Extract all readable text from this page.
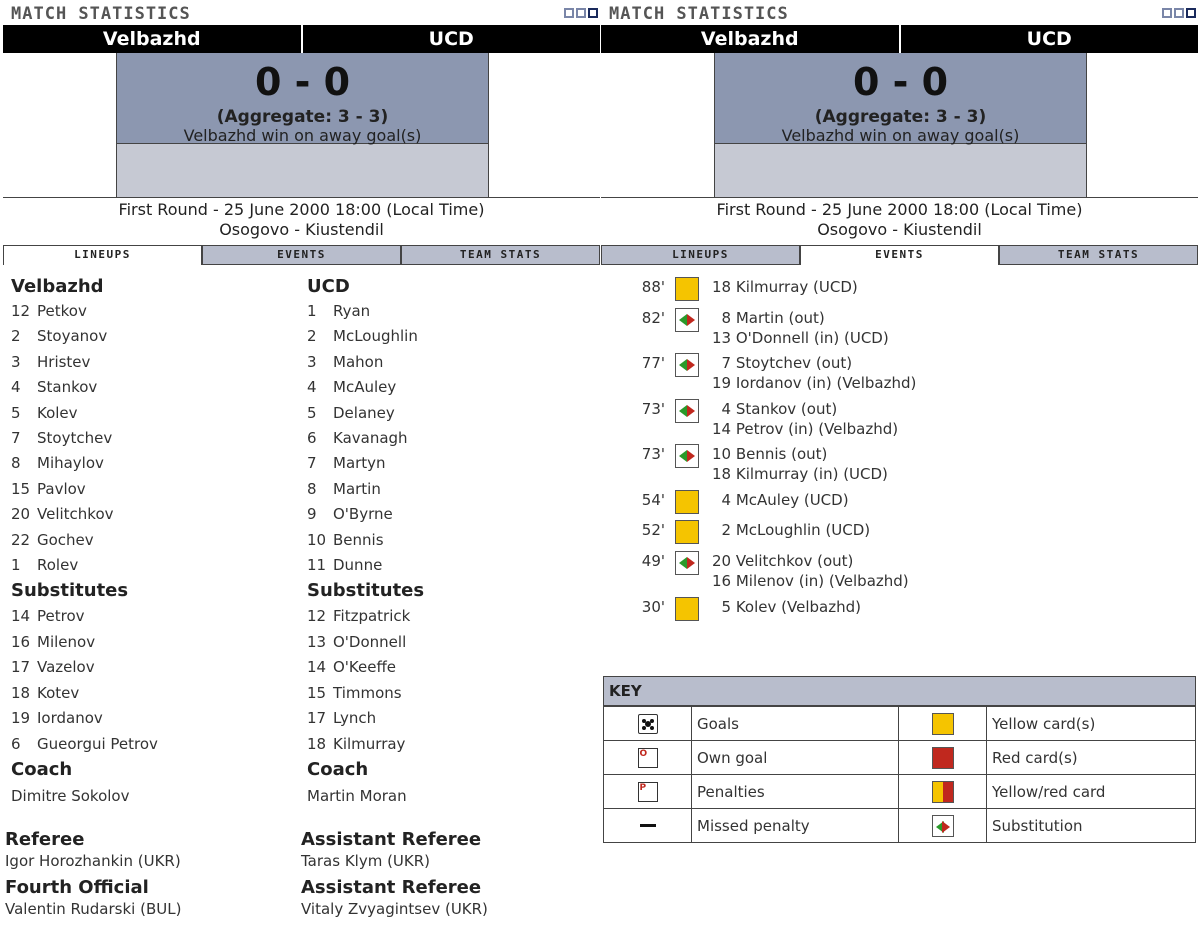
MATCH STATISTICS
Velbazhd	UCD
0 - 0
(Aggregate: 3 - 3)
Velbazhd win on away goal(s)
First Round - 25 June 2000 18:00 (Local Time)
Osogovo - Kiustendil
LINEUPS	EVENTS	TEAM STATS
Velbazhd
12 Petkov
2 Stoyanov
3 Hristev
4 Stankov
5 Kolev
7 Stoytchev
8 Mihaylov
15 Pavlov
20 Velitchkov
22 Gochev
1 Rolev
Substitutes
14 Petrov
16 Milenov
17 Vazelov
18 Kotev
19 Iordanov
6 Gueorgui Petrov
Coach
Dimitre Sokolov
UCD
1 Ryan
2 McLoughlin
3 Mahon
4 McAuley
5 Delaney
6 Kavanagh
7 Martyn
8 Martin
9 O'Byrne
10 Bennis
11 Dunne
Substitutes
12 Fitzpatrick
13 O'Donnell
14 O'Keeffe
15 Timmons
17 Lynch
18 Kilmurray
Coach
Martin Moran
Referee
Igor Horozhankin (UKR)
Assistant Referee
Taras Klym (UKR)
Fourth Official
Valentin Rudarski (BUL)
Assistant Referee
Vitaly Zvyagintsev (UKR)
MATCH STATISTICS
Velbazhd	UCD
0 - 0
(Aggregate: 3 - 3)
Velbazhd win on away goal(s)
First Round - 25 June 2000 18:00 (Local Time)
Osogovo - Kiustendil
LINEUPS	EVENTS	TEAM STATS
88'	18 Kilmurray (UCD)
82'	8 Martin (out)
13 O'Donnell (in) (UCD)
77'	7 Stoytchev (out)
19 Iordanov (in) (Velbazhd)
73'	4 Stankov (out)
14 Petrov (in) (Velbazhd)
73'	10 Bennis (out)
18 Kilmurray (in) (UCD)
54'	4 McAuley (UCD)
52'	2 McLoughlin (UCD)
49'	20 Velitchkov (out)
16 Milenov (in) (Velbazhd)
30'	5 Kolev (Velbazhd)
KEY
Goals	Yellow card(s)
O	Own goal	Red card(s)
P	Penalties	Yellow/red card
Missed penalty	Substitution
